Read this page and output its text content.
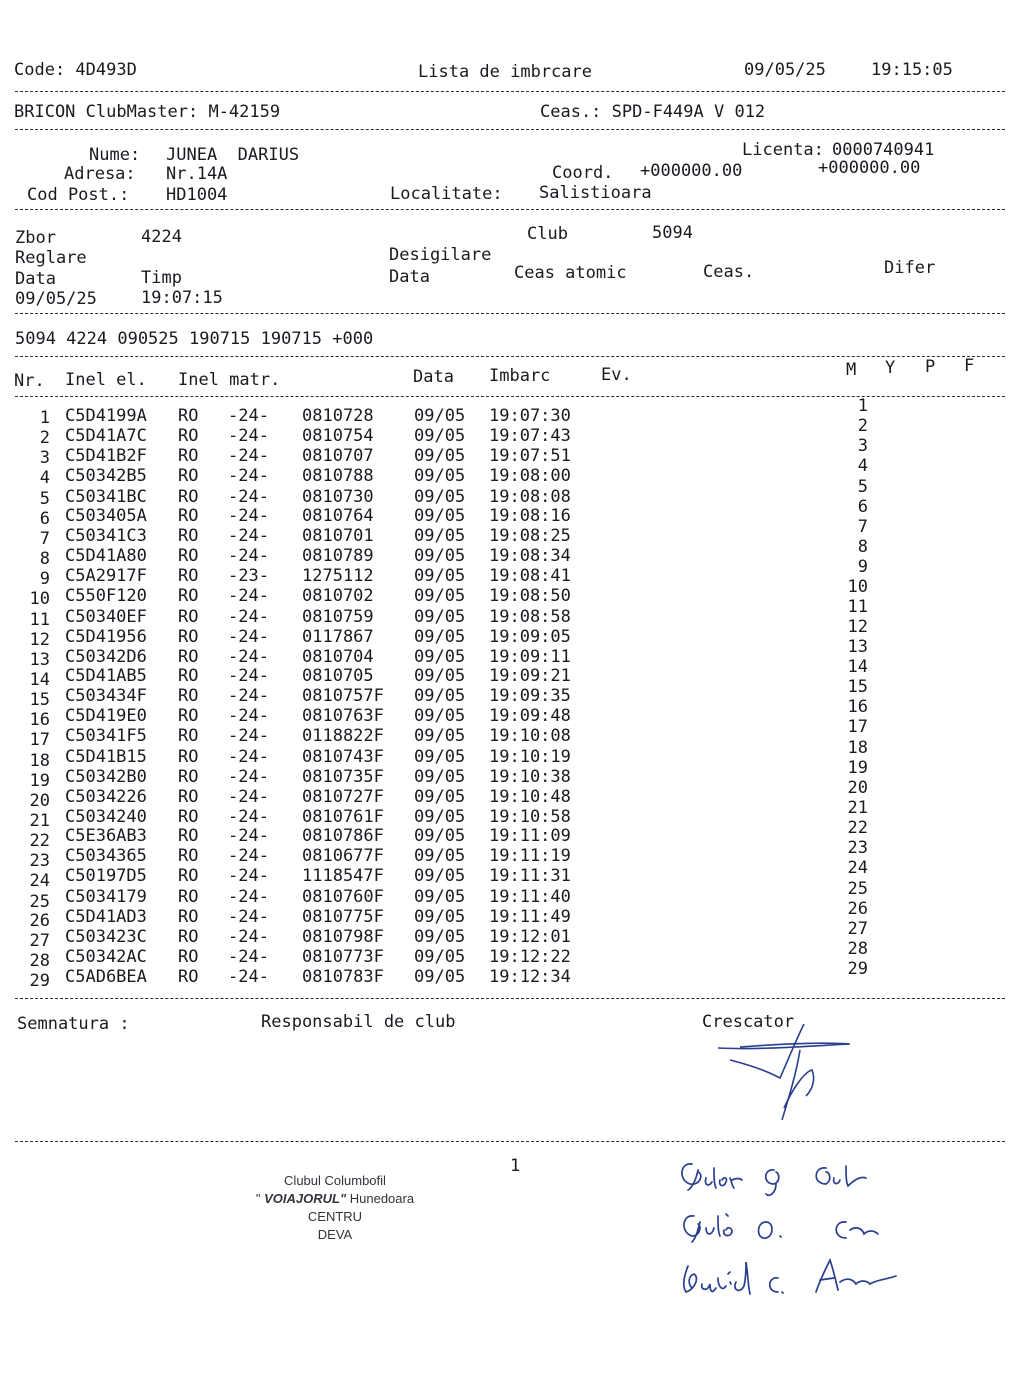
Code: 4D493D	Lista de imbrcare	09/05/25	19:15:05
BRICON ClubMaster: M-42159	Ceas.: SPD-F449A V 012
Nume: JUNEA  DARIUS	Licenta: 0000740941
Adresa: Nr.14A	Coord. +000000.00	+000000.00
Cod Post.: HD1004	Localitate: Salistioara
Zbor	4224	Club	5094
Reglare	Desigilare
Data	Timp	Data	Ceas atomic	Ceas.	Difer
09/05/25	19:07:15
5094 4224 090525 190715 190715 +000
Nr. Inel el. Inel matr.	Data Imbarc	Ev.	M Y P F
1 C5D4199A RO -24- 0810728 09/05 19:07:30	1
2 C5D41A7C RO -24- 0810754 09/05 19:07:43	2
3 C5D41B2F RO -24- 0810707 09/05 19:07:51	3
4 C50342B5 RO -24- 0810788 09/05 19:08:00	4
5 C50341BC RO -24- 0810730 09/05 19:08:08	5
6 C503405A RO -24- 0810764 09/05 19:08:16	6
7 C50341C3 RO -24- 0810701 09/05 19:08:25	7
8 C5D41A80 RO -24- 0810789 09/05 19:08:34	8
9 C5A2917F RO -23- 1275112 09/05 19:08:41	9
10 C550F120 RO -24- 0810702 09/05 19:08:50	10
11 C50340EF RO -24- 0810759 09/05 19:08:58	11
12 C5D41956 RO -24- 0117867 09/05 19:09:05	12
13 C50342D6 RO -24- 0810704 09/05 19:09:11	13
14 C5D41AB5 RO -24- 0810705 09/05 19:09:21	14
15 C503434F RO -24- 0810757F 09/05 19:09:35	15
16 C5D419E0 RO -24- 0810763F 09/05 19:09:48	16
17 C50341F5 RO -24- 0118822F 09/05 19:10:08	17
18 C5D41B15 RO -24- 0810743F 09/05 19:10:19	18
19 C50342B0 RO -24- 0810735F 09/05 19:10:38	19
20 C5034226 RO -24- 0810727F 09/05 19:10:48	20
21 C5034240 RO -24- 0810761F 09/05 19:10:58	21
22 C5E36AB3 RO -24- 0810786F 09/05 19:11:09	22
23 C5034365 RO -24- 0810677F 09/05 19:11:19	23
24 C50197D5 RO -24- 1118547F 09/05 19:11:31	24
25 C5034179 RO -24- 0810760F 09/05 19:11:40	25
26 C5D41AD3 RO -24- 0810775F 09/05 19:11:49	26
27 C503423C RO -24- 0810798F 09/05 19:12:01	27
28 C50342AC RO -24- 0810773F 09/05 19:12:22	28
29 C5AD6BEA RO -24- 0810783F 09/05 19:12:34	29
Semnatura :	Responsabil de club	Crescator
1
Clubul Columbofil
" VOIAJORUL" Hunedoara
CENTRU
DEVA
